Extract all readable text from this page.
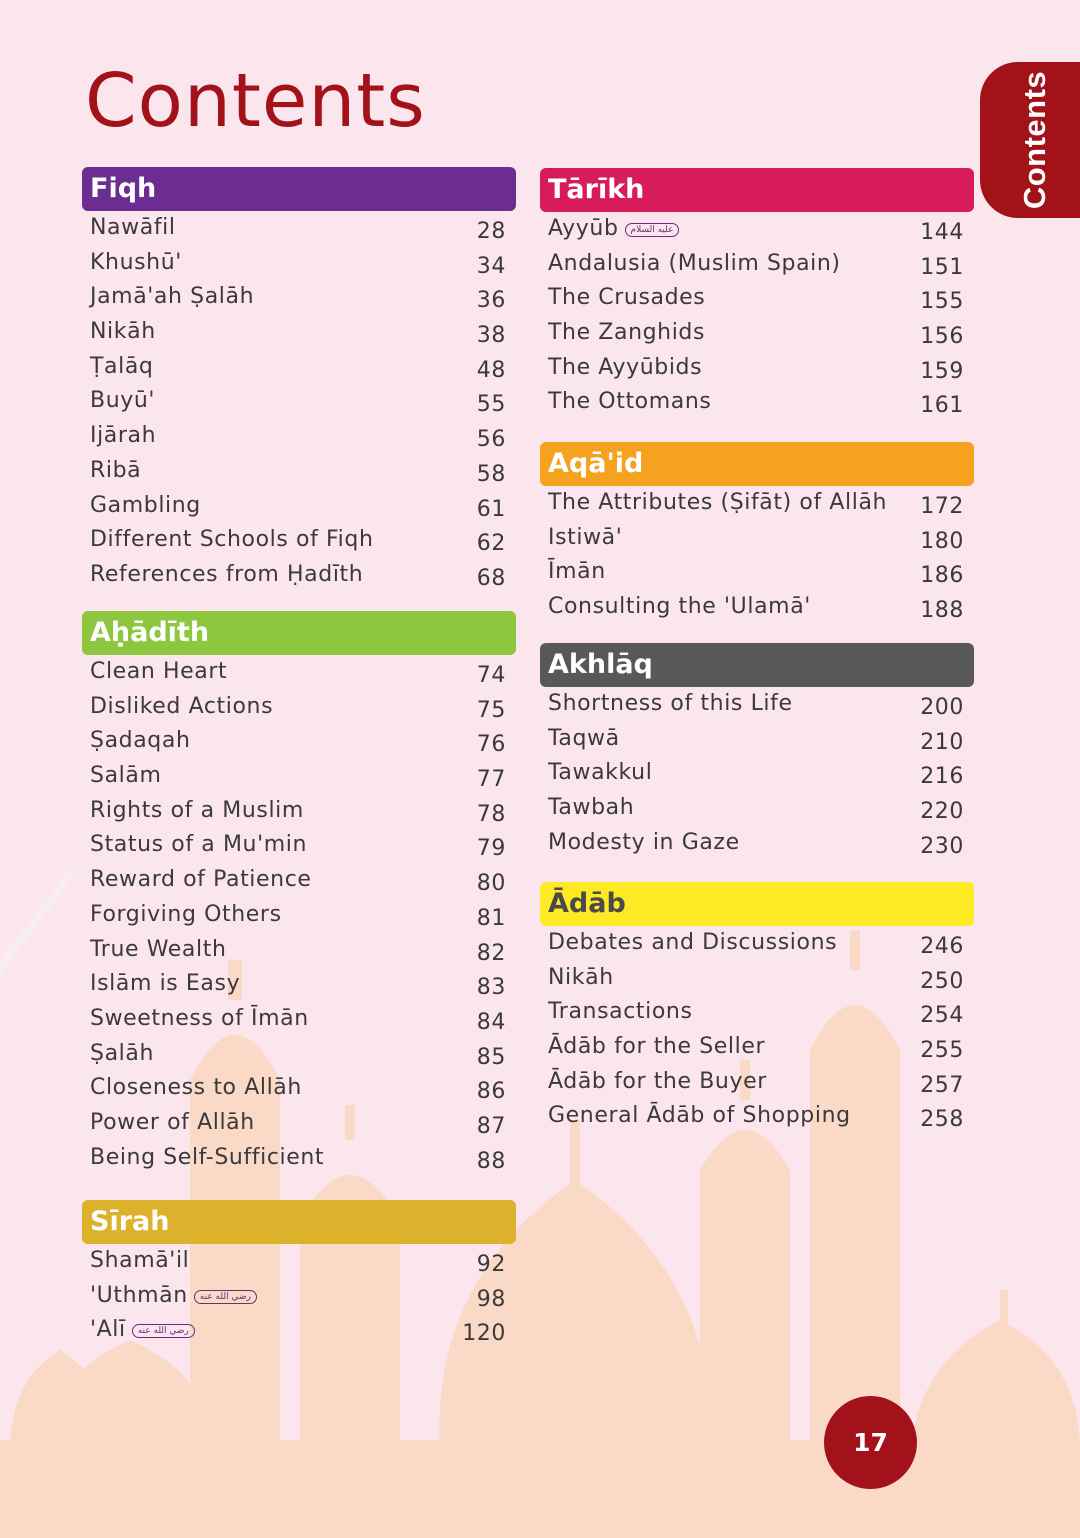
Contents	Contents
Fiqh
Nawāfil	28
Khushū'	34
Jamā'ah Ṣalāh	36
Nikāh	38
Ṭalāq	48
Buyū'	55
Ijārah	56
Ribā	58
Gambling	61
Different Schools of Fiqh	62
References from Ḥadīth	68
Aḥādīth
Clean Heart	74
Disliked Actions	75
Ṣadaqah	76
Salām	77
Rights of a Muslim	78
Status of a Mu'min	79
Reward of Patience	80
Forgiving Others	81
True Wealth	82
Islām is Easy	83
Sweetness of Īmān	84
Ṣalāh	85
Closeness to Allāh	86
Power of Allāh	87
Being Self-Sufficient	88
Sīrah
Shamā'il	92
'Uthmān رضي الله عنه	98
'Alī رضي الله عنه	120
Tārīkh
Ayyūb عليه السلام	144
Andalusia (Muslim Spain)	151
The Crusades	155
The Zanghids	156
The Ayyūbids	159
The Ottomans	161
Aqā'id
The Attributes (Ṣifāt) of Allāh 172
Istiwā'	180
Īmān	186
Consulting the 'Ulamā'	188
Akhlāq
Shortness of this Life	200
Taqwā	210
Tawakkul	216
Tawbah	220
Modesty in Gaze	230
Ādāb
Debates and Discussions	246
Nikāh	250
Transactions	254
Ādāb for the Seller	255
Ādāb for the Buyer	257
General Ādāb of Shopping	258
17
